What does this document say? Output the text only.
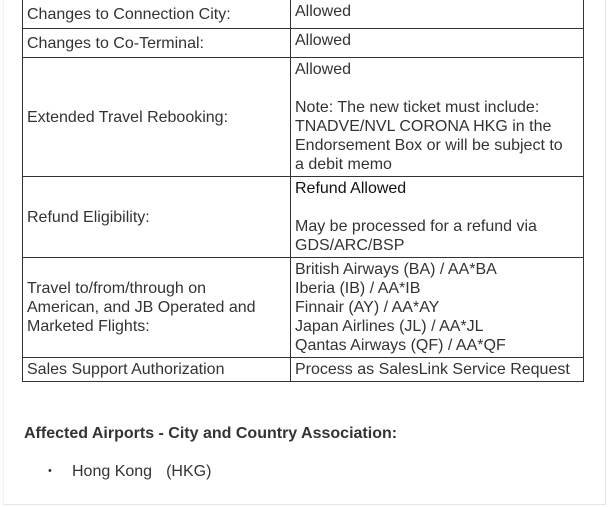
Changes to Connection City:	Allowed
Changes to Co-Terminal:	Allowed
Extended Travel Rebooking:	Allowed
Note: The new ticket must include:
TNADVE/NVL CORONA HKG in the
Endorsement Box or will be subject to
a debit memo

Refund Eligibility:	Refund Allowed
May be processed for a refund via
GDS/ARC/BSP

Travel to/from/through on
American, and JB Operated and
Marketed Flights:	British Airways (BA) / AA*BA
Iberia (IB) / AA*IB
Finnair (AY) / AA*AY
Japan Airlines (JL) / AA*JL
Qantas Airways (QF) / AA*QF

Sales Support Authorization	Process as SalesLink Service Request
Affected Airports - City and Country Association:
• Hong Kong (HKG)
